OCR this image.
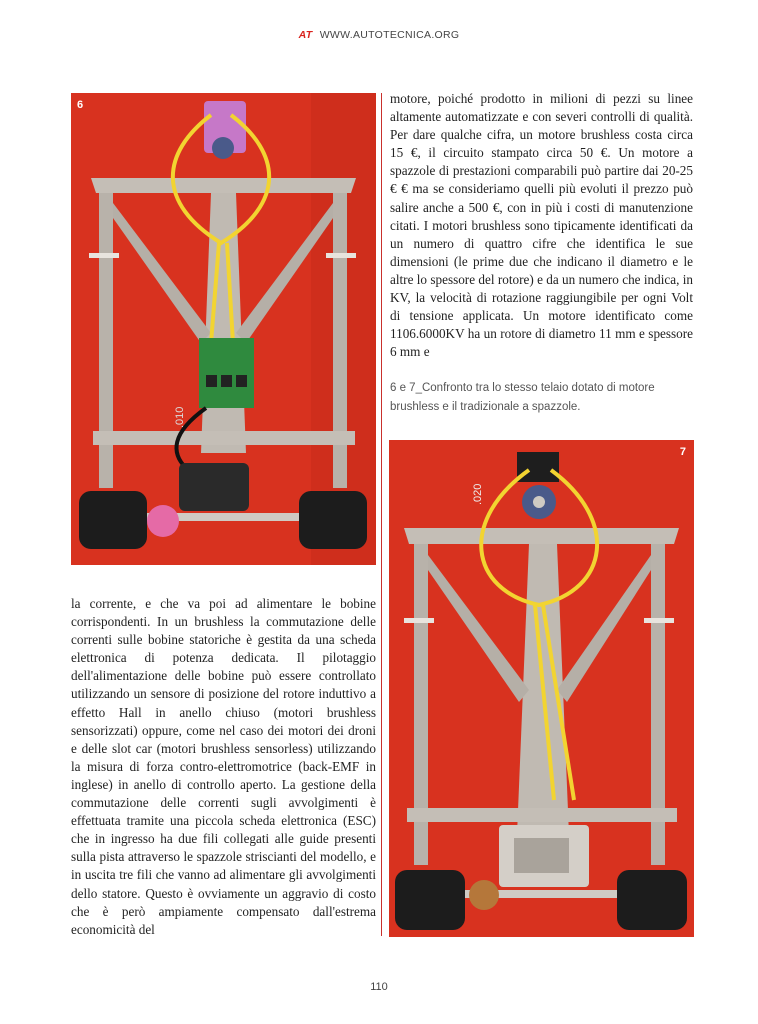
AT WWW.AUTOTECNICA.ORG
.010
6	motore, poiché prodotto in milioni di pezzi su linee altamente automatizzate e con severi controlli di qualità. Per dare qualche cifra, un motore brushless costa circa 15 €, il circuito stampato circa 50 €. Un motore a spazzole di prestazioni comparabili può partire dai 20-25 € € ma se consideriamo quelli più evoluti il prezzo può salire anche a 500 €, con in più i costi di manutenzione citati. I motori brushless sono tipicamente identificati da un numero di quattro cifre che identifica le sue dimensioni (le prime due che indicano il diametro e le altre lo spessore del rotore) e da un numero che indica, in KV, la velocità di rotazione raggiungibile per ogni Volt di tensione applicata. Un motore identificato come 1106.6000KV ha un rotore di diametro 11 mm e spessore 6 mm e

6 e 7_Confronto tra lo stesso telaio dotato di motore brushless e il tradizionale a spazzole.
.020
7

la corrente, e che va poi ad alimentare le bobine corrispondenti. In un brushless la commutazione delle correnti sulle bobine statoriche è gestita da una scheda elettronica di potenza dedicata. Il pilotaggio dell'alimentazione delle bobine può essere controllato utilizzando un sensore di posizione del rotore induttivo a effetto Hall in anello chiuso (motori brushless sensorizzati) oppure, come nel caso dei motori dei droni e delle slot car (motori brushless sensorless) utilizzando la misura di forza contro-elettromotrice (back-EMF in inglese) in anello di controllo aperto. La gestione della commutazione delle correnti sugli avvolgimenti è effettuata tramite una piccola scheda elettronica (ESC) che in ingresso ha due fili collegati alle guide presenti sulla pista attraverso le spazzole striscianti del modello, e in uscita tre fili che vanno ad alimentare gli avvolgimenti dello statore. Questo è ovviamente un aggravio di costo che è però ampiamente compensato dall'estrema economicità del

110
